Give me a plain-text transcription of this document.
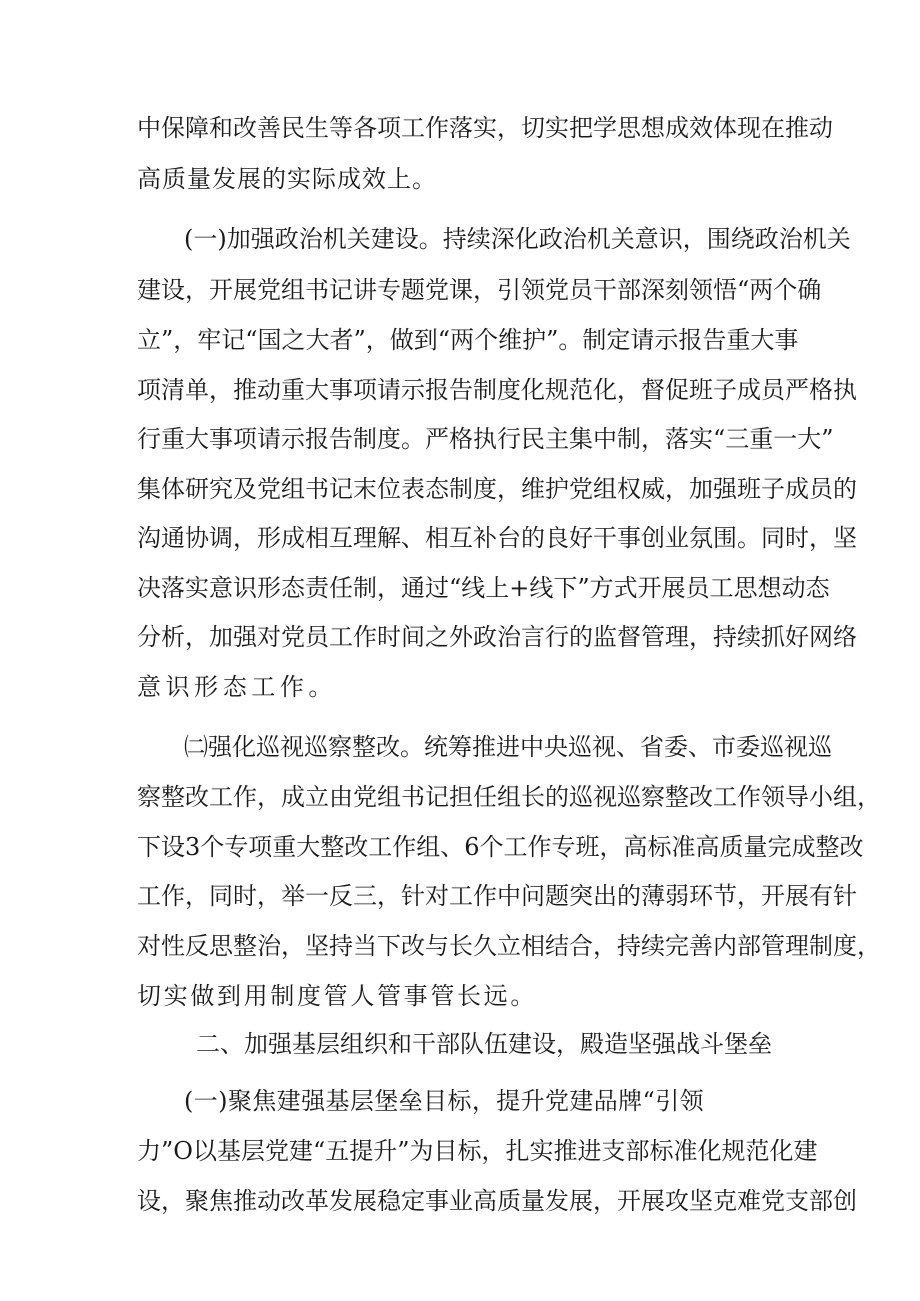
中保障和改善民生等各项工作落实，切实把学思想成效体现在推动

高质量发展的实际成效上。

(一)加强政治机关建设。持续深化政治机关意识，围绕政治机关

建设，开展党组书记讲专题党课，引领党员干部深刻领悟“两个确

立”，牢记“国之大者”，做到“两个维护”。制定请示报告重大事

项清单，推动重大事项请示报告制度化规范化，督促班子成员严格执

行重大事项请示报告制度。严格执行民主集中制，落实“三重一大”

集体研究及党组书记末位表态制度，维护党组权威，加强班子成员的

沟通协调，形成相互理解、相互补台的良好干事创业氛围。同时，坚

决落实意识形态责任制，通过“线上+线下”方式开展员工思想动态

分析，加强对党员工作时间之外政治言行的监督管理，持续抓好网络

意识形态工作。

㈡强化巡视巡察整改。统筹推进中央巡视、省委、市委巡视巡

察整改工作，成立由党组书记担任组长的巡视巡察整改工作领导小组，

下设3个专项重大整改工作组、6个工作专班，高标准高质量完成整改

工作，同时，举一反三，针对工作中问题突出的薄弱环节，开展有针

对性反思整治，坚持当下改与长久立相结合，持续完善内部管理制度，

切实做到用制度管人管事管长远。

二、加强基层组织和干部队伍建设，殿造坚强战斗堡垒

(一)聚焦建强基层堡垒目标，提升党建品牌“引领

力”O以基层党建“五提升”为目标，扎实推进支部标准化规范化建

设，聚焦推动改革发展稳定事业高质量发展，开展攻坚克难党支部创
